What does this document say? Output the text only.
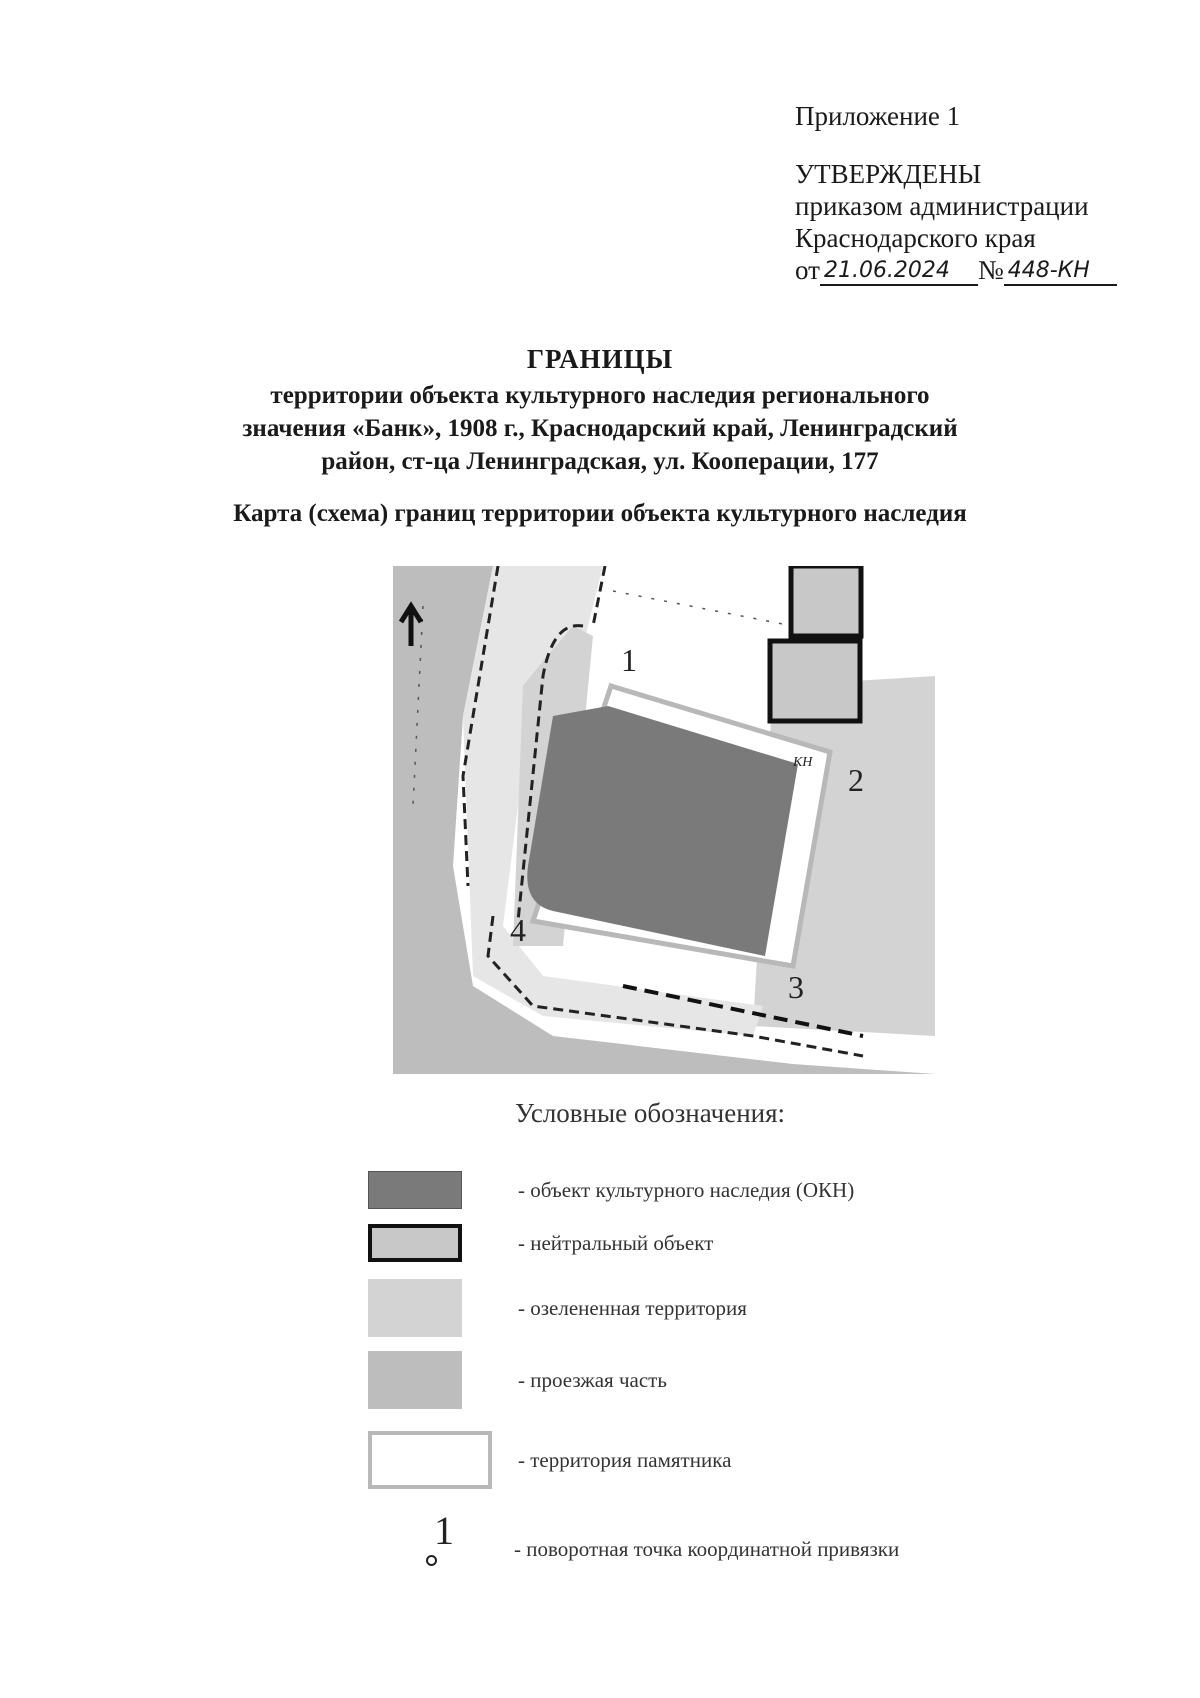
Приложение 1
УТВЕРЖДЕНЫ
приказом администрации
Краснодарского края
от 21.06.2024	№ 448-КН
ГРАНИЦЫ
территории объекта культурного наследия регионального
значения «Банк», 1908 г., Краснодарский край, Ленинградский
район, ст-ца Ленинградская, ул. Кооперации, 177
Карта (схема) границ территории объекта культурного наследия
1
2
3
4
КН
Условные обозначения:
- объект культурного наследия (ОКН)
- нейтральный объект
- озелененная территория
- проезжая часть
- территория памятника
1	- поворотная точка координатной привязки
